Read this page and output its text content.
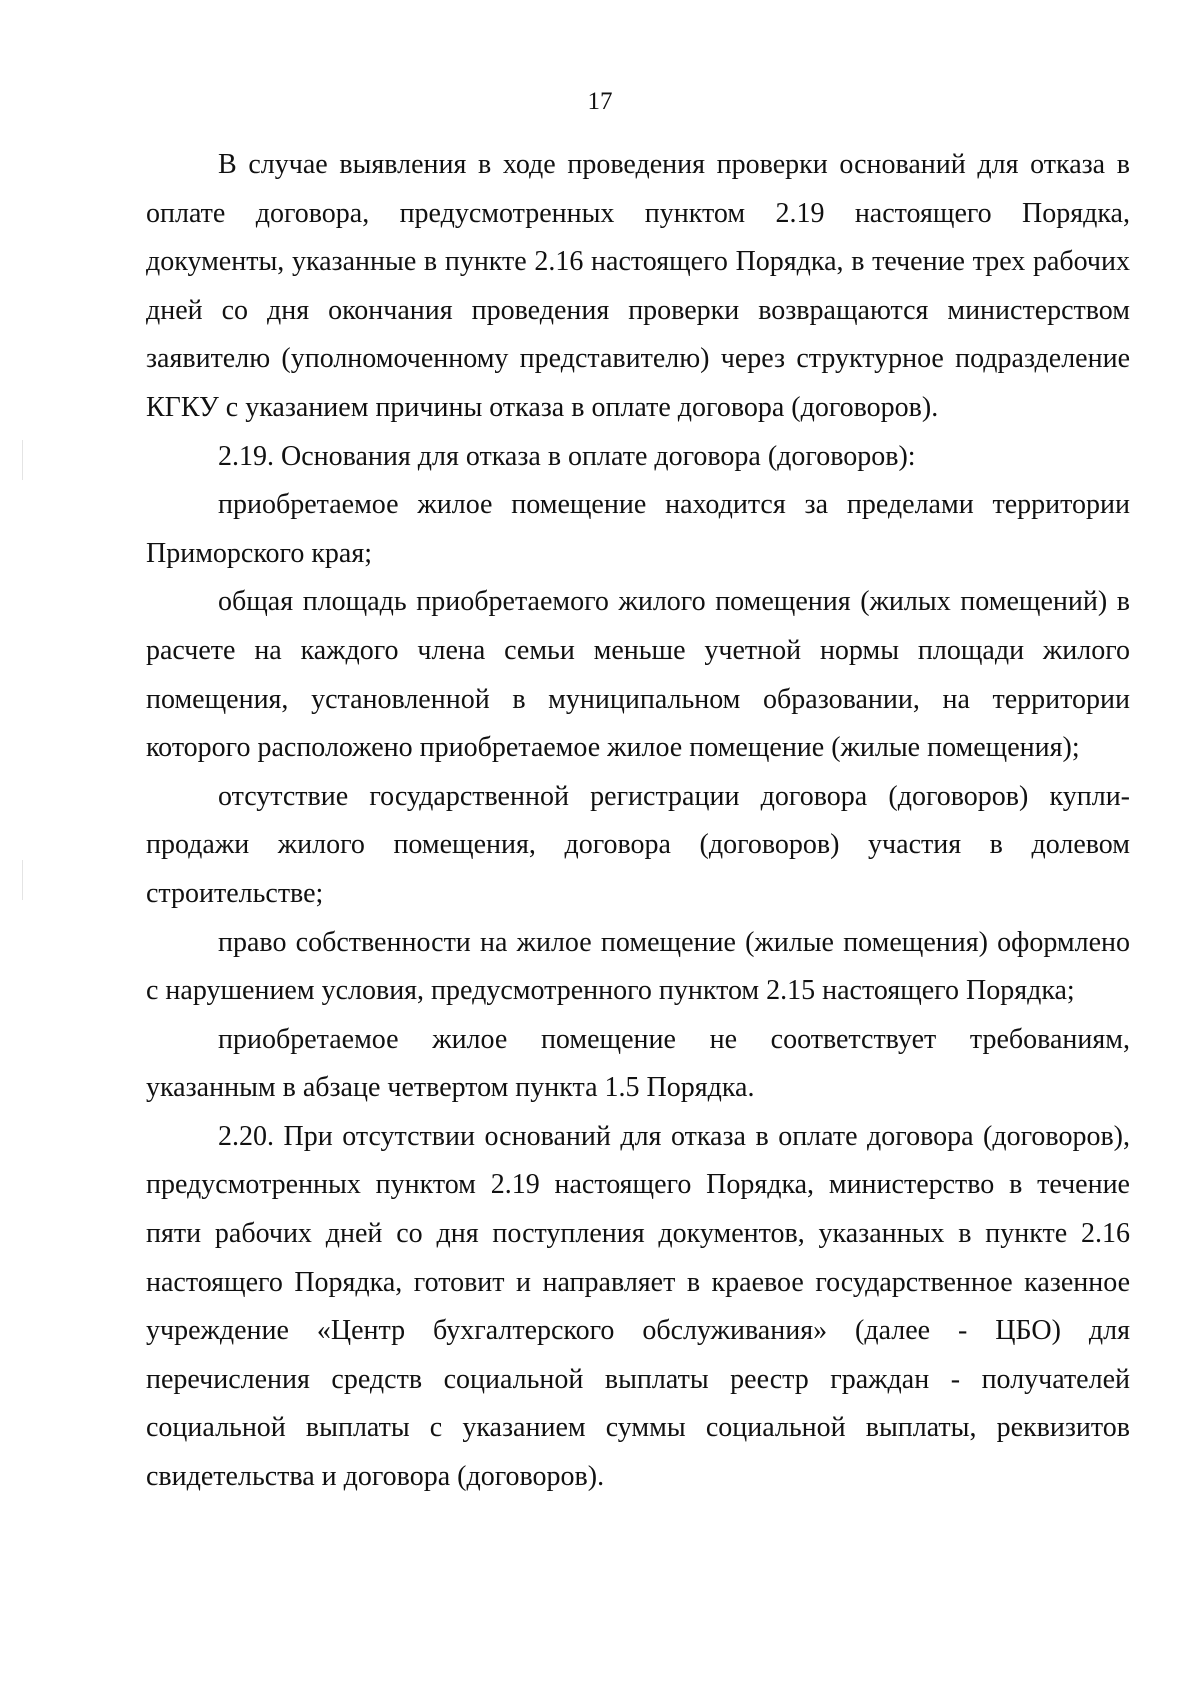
17

В случае выявления в ходе проведения проверки оснований для отказа в оплате договора, предусмотренных пунктом 2.19 настоящего Порядка, документы, указанные в пункте 2.16 настоящего Порядка, в течение трех рабочих дней со дня окончания проведения проверки возвращаются министерством заявителю (уполномоченному представителю) через структурное подразделение КГКУ с указанием причины отказа в оплате договора (договоров).

2.19. Основания для отказа в оплате договора (договоров):

приобретаемое жилое помещение находится за пределами территории Приморского края;

общая площадь приобретаемого жилого помещения (жилых помещений) в расчете на каждого члена семьи меньше учетной нормы площади жилого помещения, установленной в муниципальном образовании, на территории которого расположено приобретаемое жилое помещение (жилые помещения);

отсутствие государственной регистрации договора (договоров) купли-продажи жилого помещения, договора (договоров) участия в долевом строительстве;

право собственности на жилое помещение (жилые помещения) оформлено с нарушением условия, предусмотренного пунктом 2.15 настоящего Порядка;

приобретаемое жилое помещение не соответствует требованиям, указанным в абзаце четвертом пункта 1.5 Порядка.

2.20. При отсутствии оснований для отказа в оплате договора (договоров), предусмотренных пунктом 2.19 настоящего Порядка, министерство в течение пяти рабочих дней со дня поступления документов, указанных в пункте 2.16 настоящего Порядка, готовит и направляет в краевое государственное казенное учреждение «Центр бухгалтерского обслуживания» (далее - ЦБО) для перечисления средств социальной выплаты реестр граждан - получателей социальной выплаты с указанием суммы социальной выплаты, реквизитов свидетельства и договора (договоров).
